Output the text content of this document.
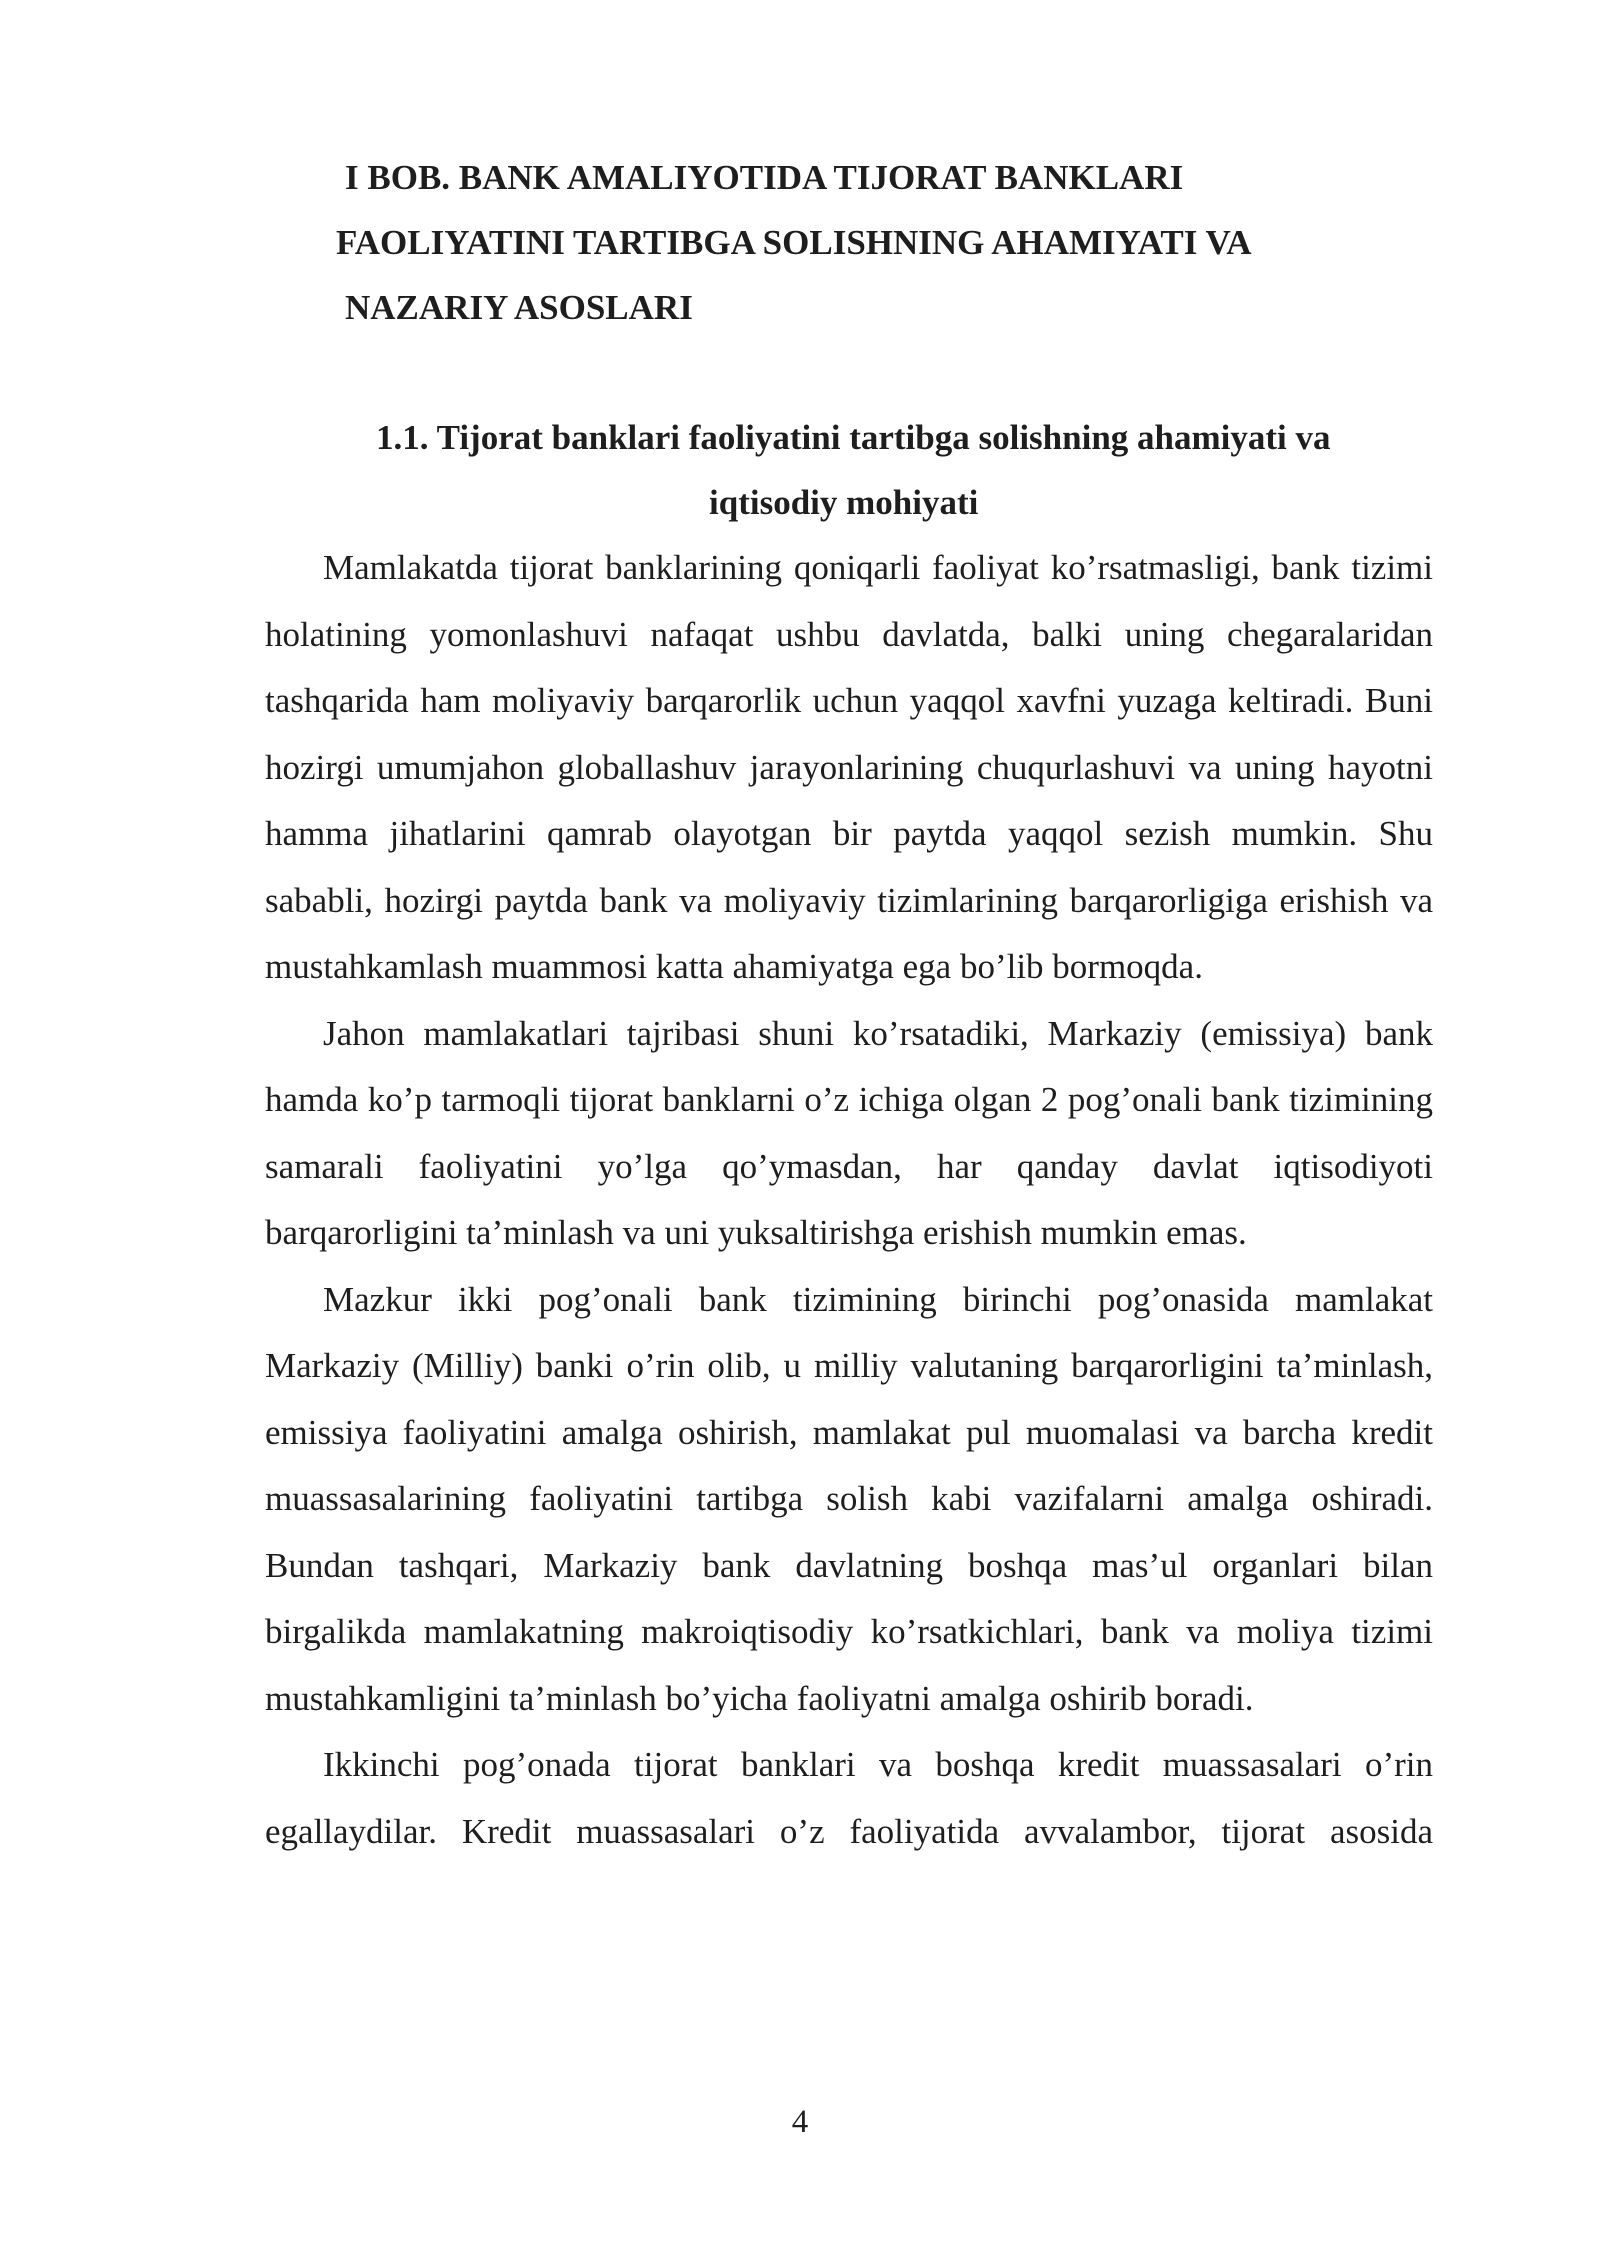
I BOB. BANK AMALIYOTIDA TIJORAT BANKLARI
FAOLIYATINI TARTIBGA SOLISHNING AHAMIYATI VA
NAZARIY ASOSLARI
1.1. Tijorat banklari faoliyatini tartibga solishning ahamiyati va
iqtisodiy mohiyati

Mamlakatda tijorat banklarining qoniqarli faoliyat ko’rsatmasligi, bank tizimi holatining yomonlashuvi nafaqat ushbu davlatda, balki uning chegaralaridan tashqarida ham moliyaviy barqarorlik uchun yaqqol xavfni yuzaga keltiradi. Buni hozirgi umumjahon globallashuv jarayonlarining chuqurlashuvi va uning hayotni hamma jihatlarini qamrab olayotgan bir paytda yaqqol sezish mumkin. Shu sababli, hozirgi paytda bank va moliyaviy tizimlarining barqarorligiga erishish va mustahkamlash muammosi katta ahamiyatga ega bo’lib bormoqda.

Jahon mamlakatlari tajribasi shuni ko’rsatadiki, Markaziy (emissiya) bank hamda ko’p tarmoqli tijorat banklarni o’z ichiga olgan 2 pog’onali bank tizimining samarali faoliyatini yo’lga qo’ymasdan, har qanday davlat iqtisodiyoti barqarorligini ta’minlash va uni yuksaltirishga erishish mumkin emas.

Mazkur ikki pog’onali bank tizimining birinchi pog’onasida mamlakat Markaziy (Milliy) banki o’rin olib, u milliy valutaning barqarorligini ta’minlash, emissiya faoliyatini amalga oshirish, mamlakat pul muomalasi va barcha kredit muassasalarining faoliyatini tartibga solish kabi vazifalarni amalga oshiradi. Bundan tashqari, Markaziy bank davlatning boshqa mas’ul organlari bilan birgalikda mamlakatning makroiqtisodiy ko’rsatkichlari, bank va moliya tizimi mustahkamligini ta’minlash bo’yicha faoliyatni amalga oshirib boradi.

Ikkinchi pog’onada tijorat banklari va boshqa kredit muassasalari o’rin egallaydilar. Kredit muassasalari o’z faoliyatida avvalambor, tijorat asosida

4
